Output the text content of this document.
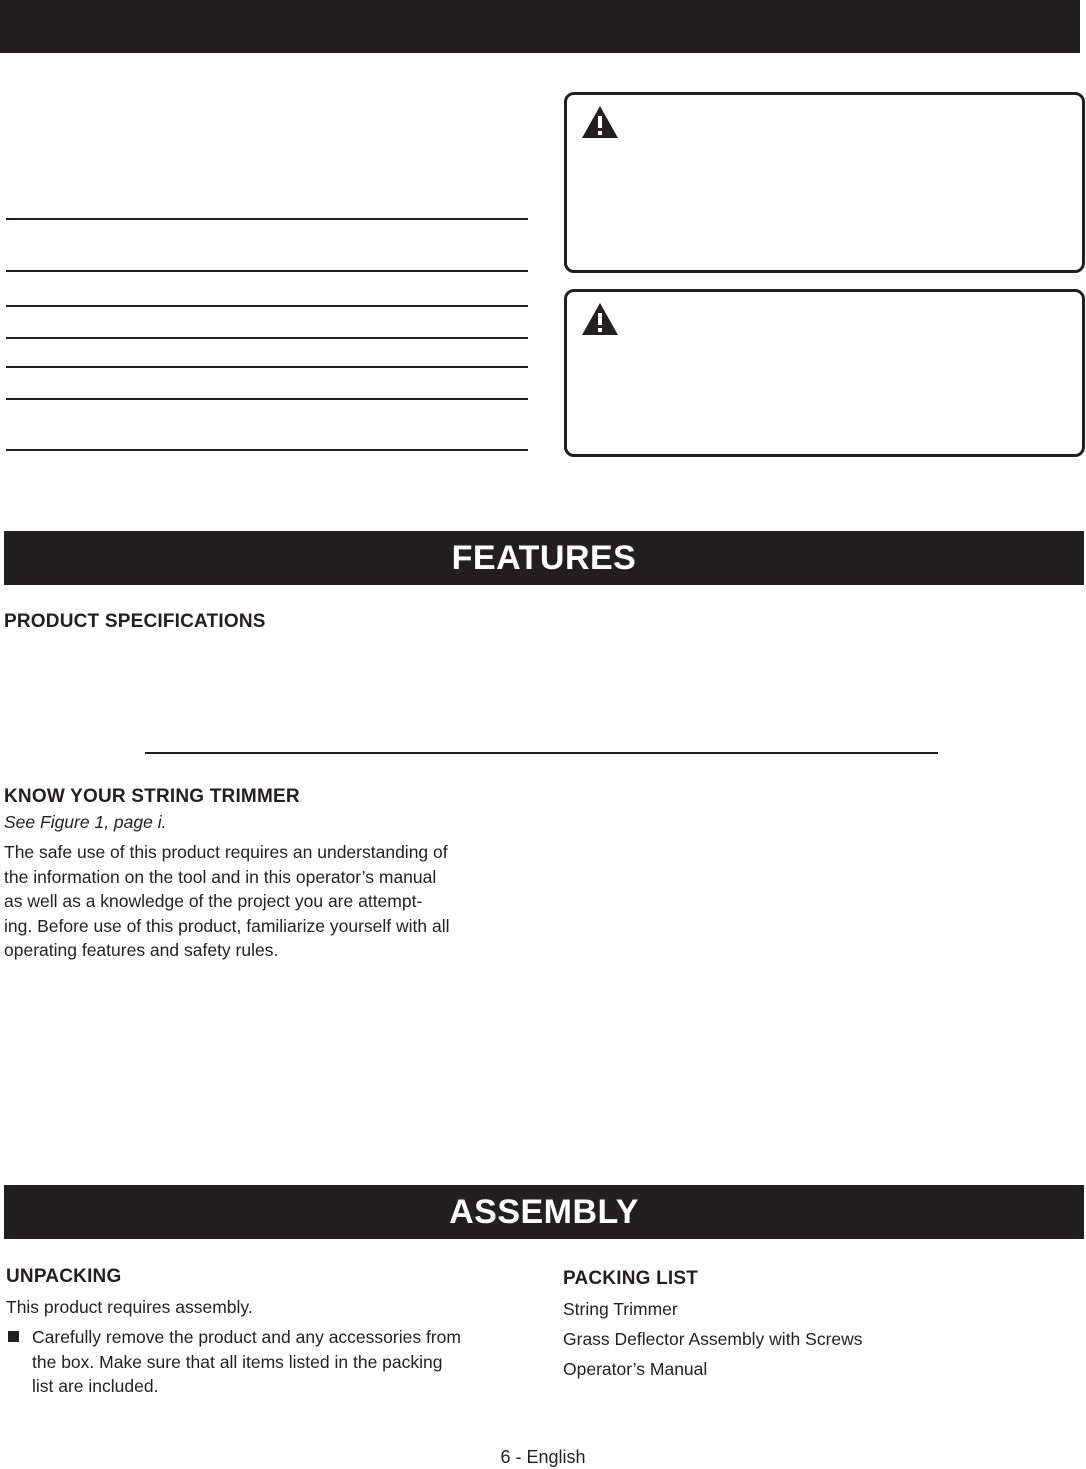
FEATURES
PRODUCT SPECIFICATIONS
KNOW YOUR STRING TRIMMER
See Figure 1, page i.
The safe use of this product requires an understanding of
the information on the tool and in this operator’s manual
as well as a knowledge of the project you are attempt-
ing. Before use of this product, familiarize yourself with all
operating features and safety rules.
ASSEMBLY
UNPACKING
This product requires assembly.
Carefully remove the product and any accessories from
the box. Make sure that all items listed in the packing
list are included.
PACKING LIST
String Trimmer
Grass Deflector Assembly with Screws
Operator’s Manual
6 - English
